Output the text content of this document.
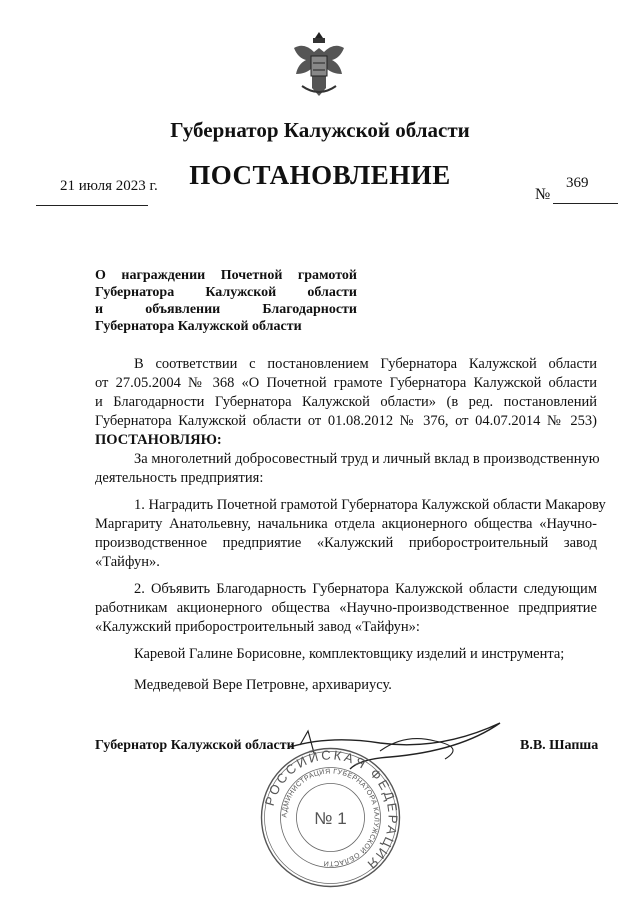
Губернатор Калужской области
ПОСТАНОВЛЕНИЕ
21 июля 2023 г.	№
369
О награждении Почетной грамотой
Губернатора Калужской области
и	объявлении	Благодарности
Губернатора Калужской области
В соответствии с постановлением Губернатора Калужской области
от 27.05.2004 № 368 «О Почетной грамоте Губернатора Калужской области
и Благодарности Губернатора Калужской области» (в ред. постановлений
Губернатора Калужской области от 01.08.2012 № 376, от 04.07.2014 № 253)
ПОСТАНОВЛЯЮ:
За многолетний добросовестный труд и личный вклад в производственную
деятельность предприятия:
1. Наградить Почетной грамотой Губернатора Калужской области Макарову
Маргариту Анатольевну, начальника отдела акционерного общества «Научно-
производственное предприятие «Калужский приборостроительный завод
«Тайфун».
2. Объявить Благодарность Губернатора Калужской области следующим
работникам акционерного общества «Научно-производственное предприятие
«Калужский приборостроительный завод «Тайфун»:
Каревой Галине Борисовне, комплектовщику изделий и инструмента;
Медведевой Вере Петровне, архивариусу.
Губернатор Калужской области	В.В. Шапша
РОССИЙСКАЯ ФЕДЕРАЦИЯ
АДМИНИСТРАЦИЯ ГУБЕРНАТОРА КАЛУЖСКОЙ ОБЛАСТИ
№ 1
